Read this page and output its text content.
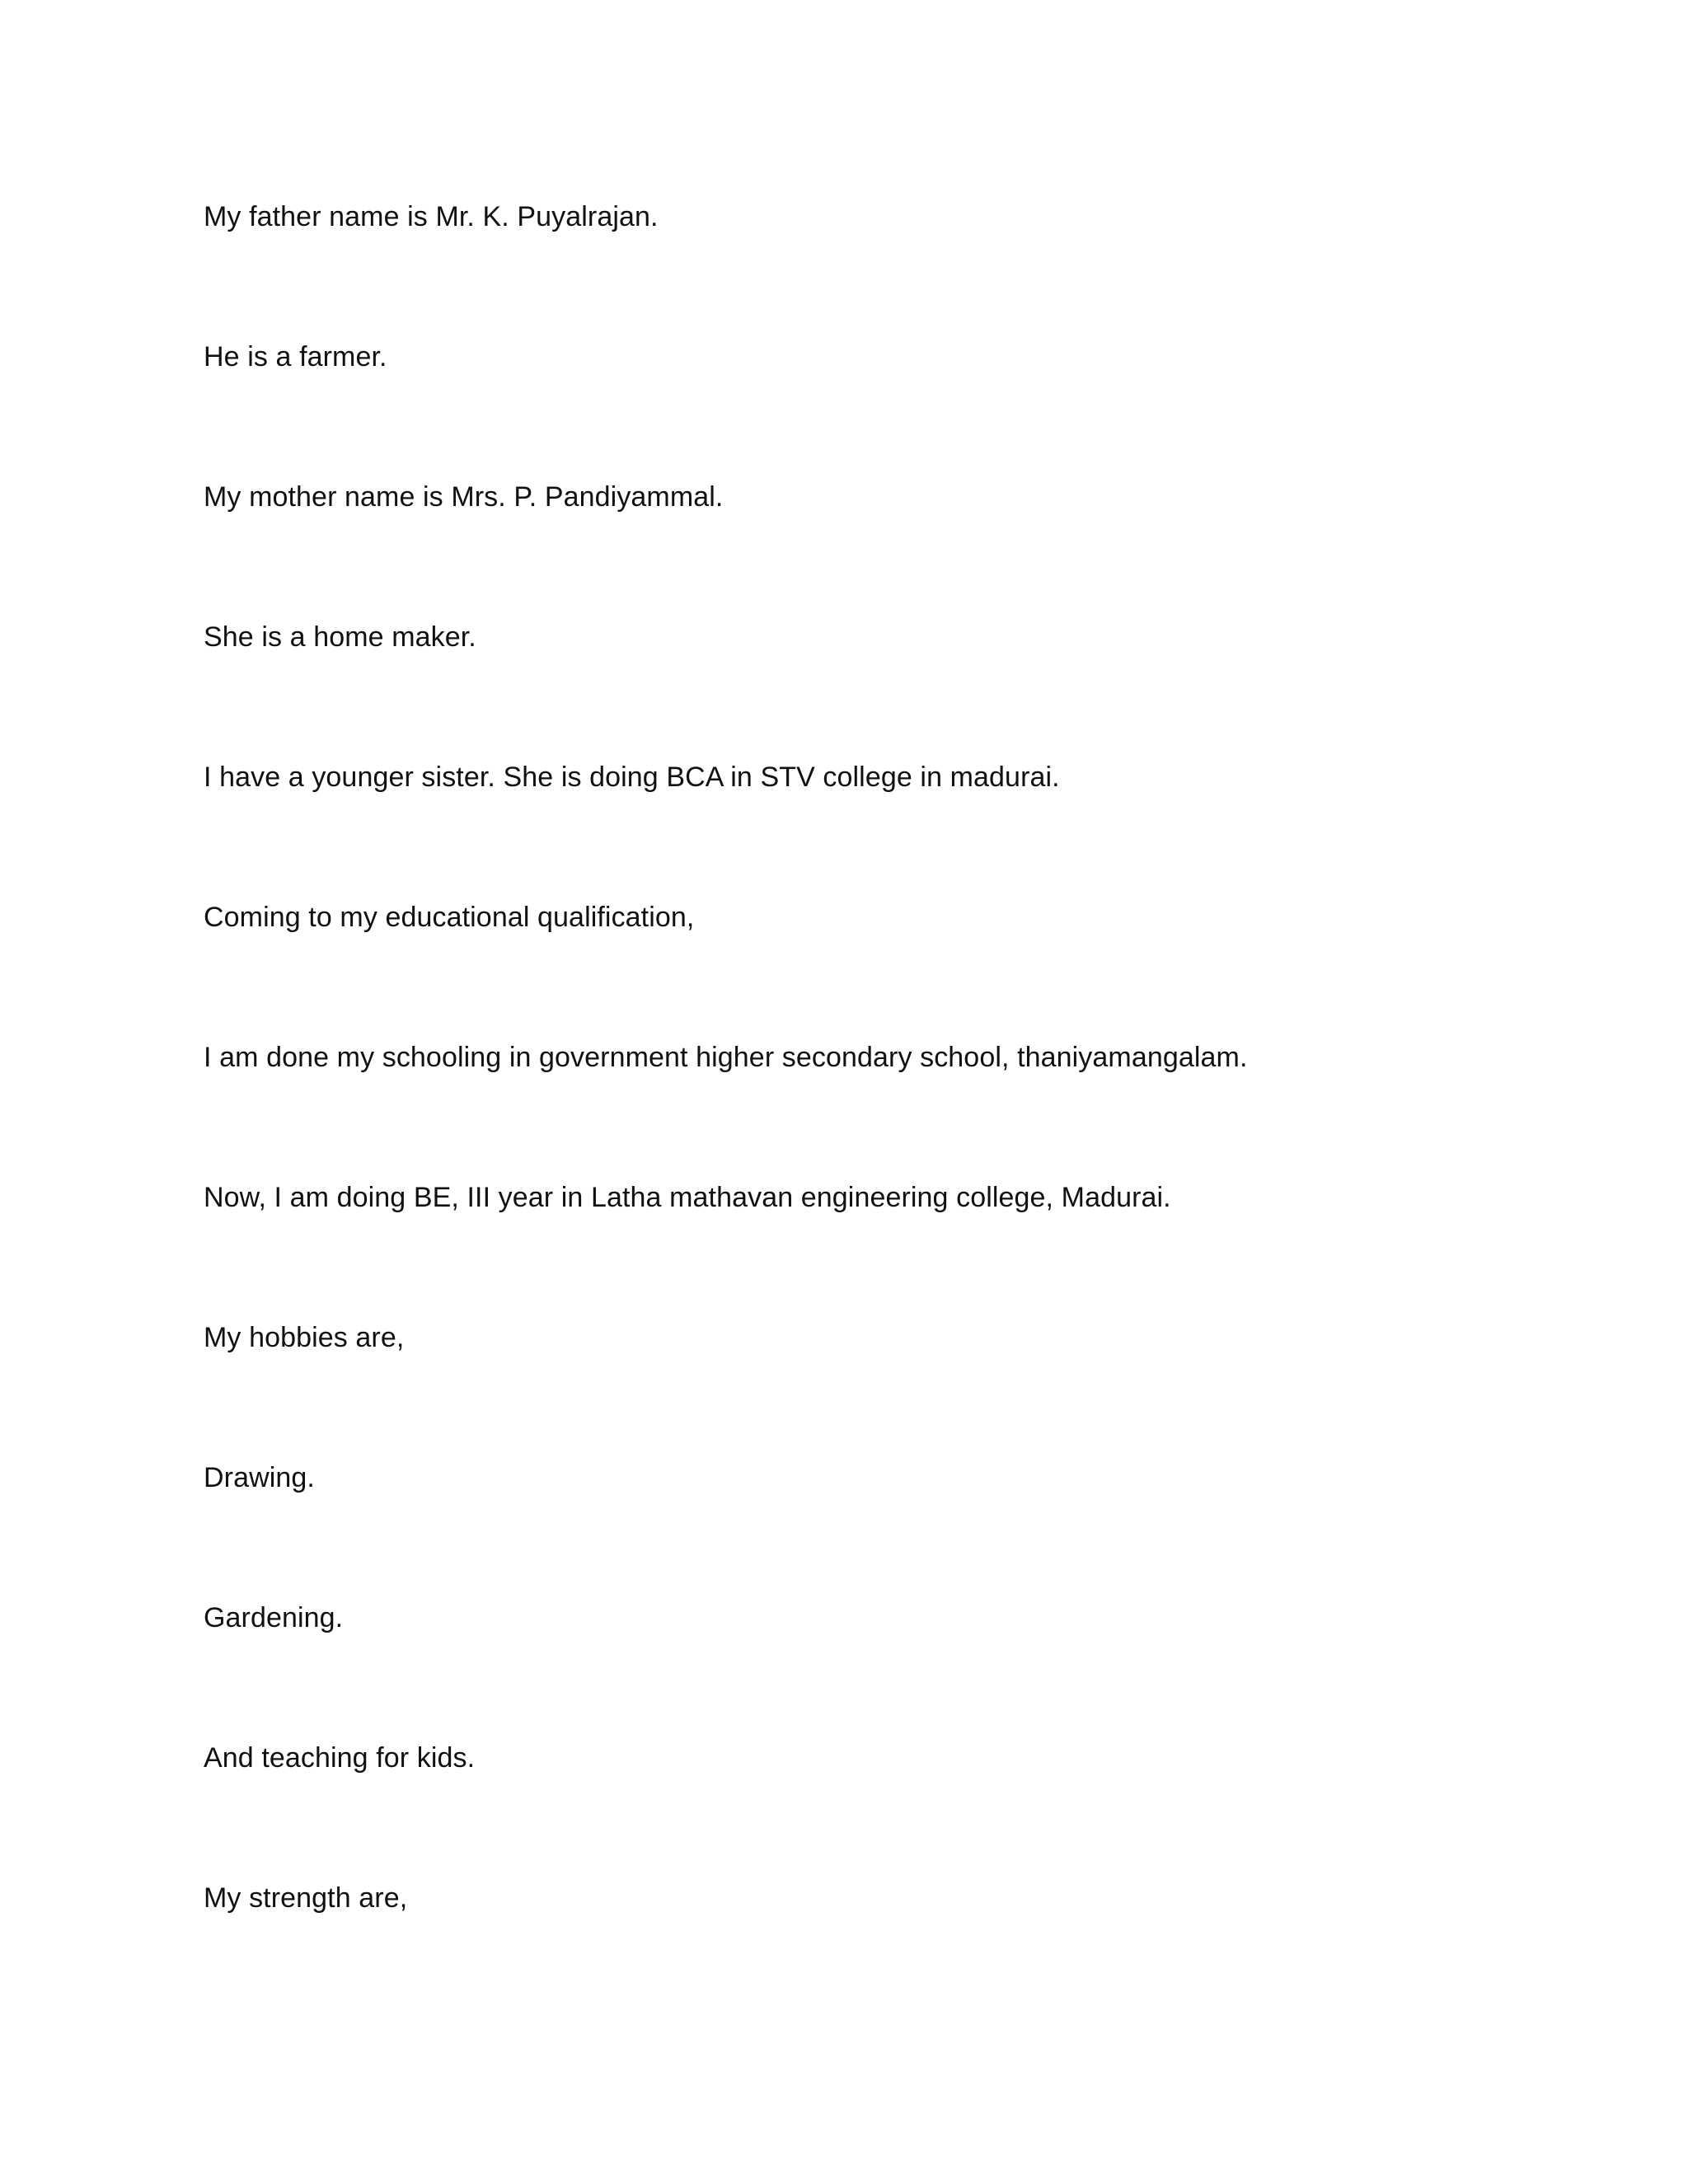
My father name is Mr. K. Puyalrajan.

He is a farmer.

My mother name is Mrs. P. Pandiyammal.

She is a home maker.

I have a younger sister. She is doing BCA in STV college in madurai.

Coming to my educational qualification,

I am done my schooling in government higher secondary school, thaniyamangalam.

Now, I am doing BE, III year in Latha mathavan engineering college, Madurai.

My hobbies are,

Drawing.

Gardening.

And teaching for kids.

My strength are,
